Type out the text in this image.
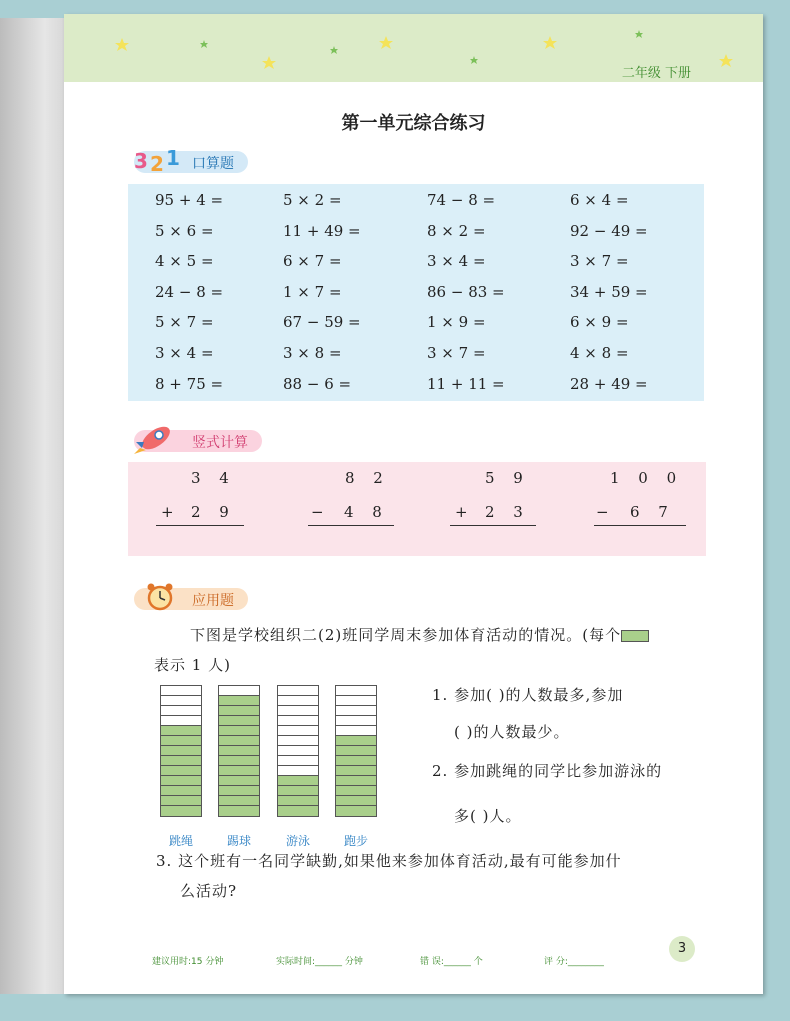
二年级 下册
第一单元综合练习
3 2 1 口算题
95 + 4 =	5 × 2 =	74 − 8 =	6 × 4 =
5 × 6 =	11 + 49 =	8 × 2 =	92 − 49 =
4 × 5 =	6 × 7 =	3 × 4 =	3 × 7 =
24 − 8 =	1 × 7 =	86 − 83 =	34 + 59 =
5 × 7 =	67 − 59 =	1 × 9 =	6 × 9 =
3 × 4 =	3 × 8 =	3 × 7 =	4 × 8 =
8 + 75 =	88 − 6 =	11 + 11 =	28 + 49 =
竖式计算
3 4
+ 2 9
8 2
− 4 8
5 9
+ 2 3
1 0 0
− 6 7
应用题
下图是学校组织二(2)班同学周末参加体育活动的情况。(每个
表示 1 人)
跳绳	踢球	游泳	跑步
1. 参加( )的人数最多,参加
( )的人数最少。
2. 参加跳绳的同学比参加游泳的
多( )人。
3. 这个班有一名同学缺勤,如果他来参加体育活动,最有可能参加什
么活动?
建议用时:15 分钟	实际时间:______ 分钟	错 误:______ 个	评 分:________
3
